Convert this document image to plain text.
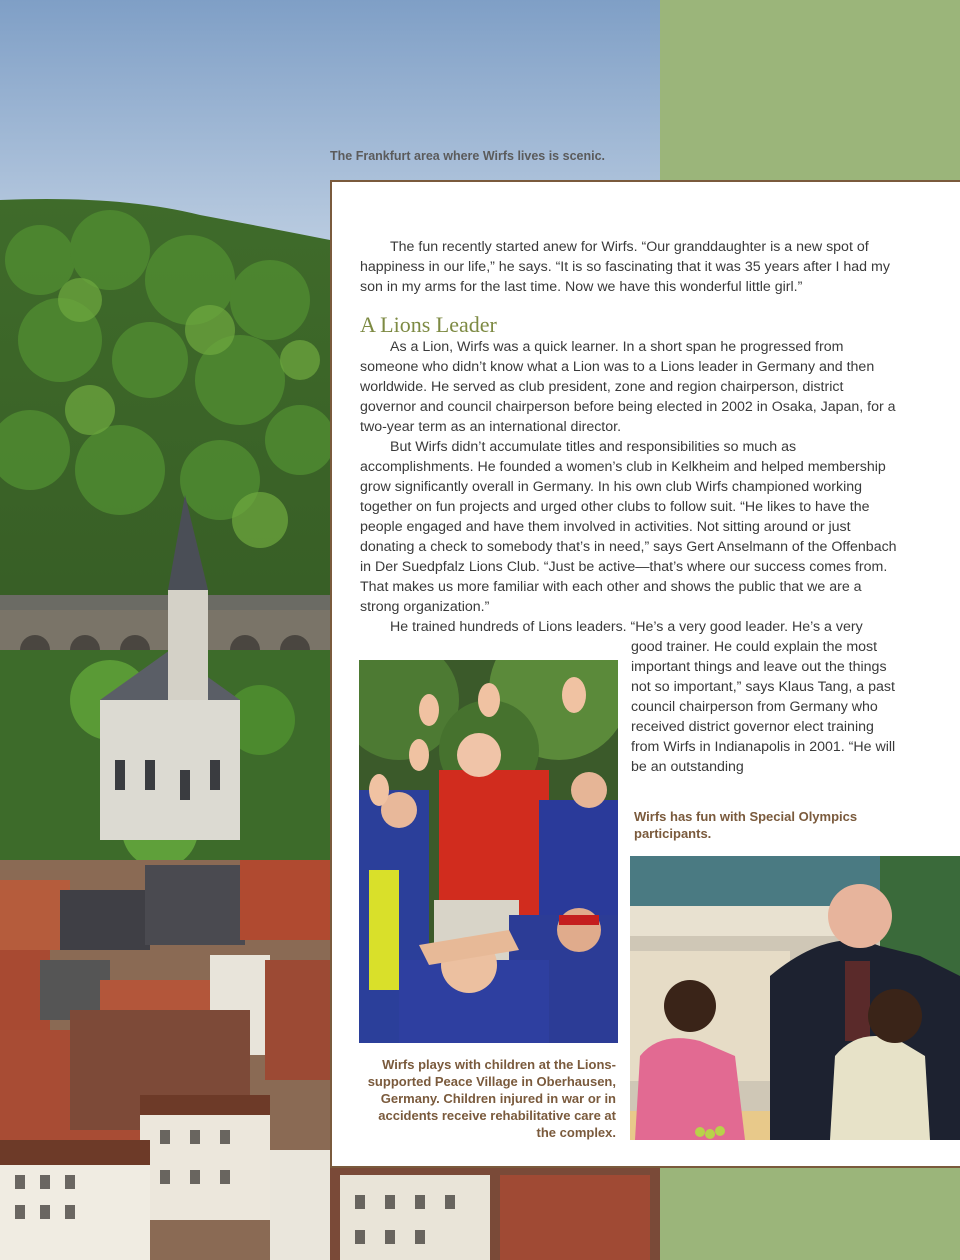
The Frankfurt area where Wirfs lives is scenic.

The fun recently started anew for Wirfs. “Our granddaughter is a new spot of happiness in our life,” he says. “It is so fascinating that it was 35 years after I had my son in my arms for the last time. Now we have this wonderful little girl.”

A Lions Leader

As a Lion, Wirfs was a quick learner. In a short span he progressed from someone who didn’t know what a Lion was to a Lions leader in Germany and then worldwide. He served as club president, zone and region chairperson, district governor and council chairperson before being elected in 2002 in Osaka, Japan, for a two-year term as an international director.

But Wirfs didn’t accumulate titles and responsibilities so much as accomplishments. He founded a women’s club in Kelkheim and helped membership grow significantly overall in Germany. In his own club Wirfs championed working together on fun projects and urged other clubs to follow suit. “He likes to have the people engaged and have them involved in activities. Not sitting around or just donating a check to somebody that’s in need,” says Gert Anselmann of the Offenbach in Der Suedpfalz Lions Club. “Just be active—that’s where our success comes from. That makes us more familiar with each other and shows the public that we are a strong organization.”

He trained hundreds of Lions leaders. “He’s a very good leader. He’s a very
good trainer. He could explain the most important things and leave out the things not so important,” says Klaus Tang, a past council chairperson from Germany who received district governor elect training from Wirfs in Indianapolis in 2001. “He will be an outstanding
Wirfs has fun with Special Olympics participants.
Wirfs plays with children at the Lions-supported Peace Village in Oberhausen, Germany. Children injured in war or in accidents receive rehabilitative care at the complex.
